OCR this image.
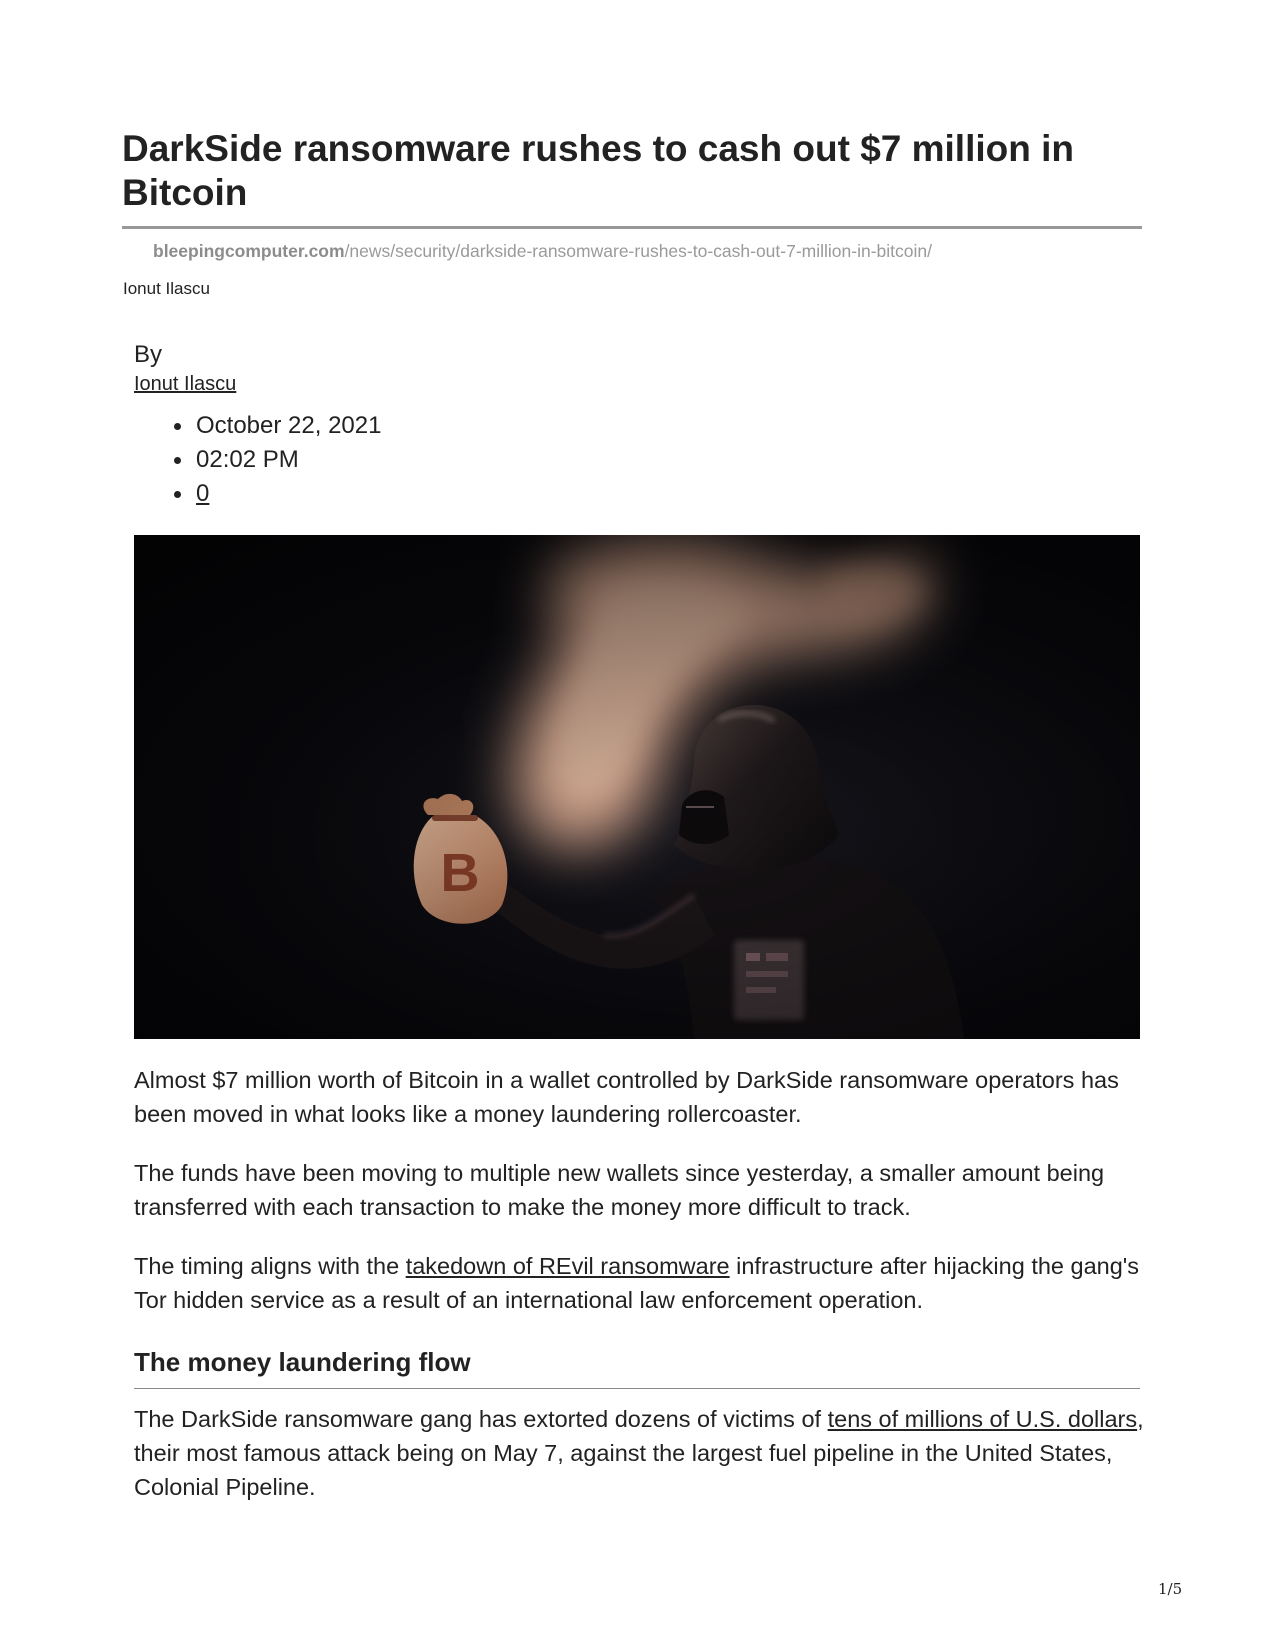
DarkSide ransomware rushes to cash out $7 million in Bitcoin
bleepingcomputer.com/news/security/darkside-ransomware-rushes-to-cash-out-7-million-in-bitcoin/
Ionut Ilascu
By
Ionut Ilascu
October 22, 2021
02:02 PM
0

Almost $7 million worth of Bitcoin in a wallet controlled by DarkSide ransomware operators has been moved in what looks like a money laundering rollercoaster.

The funds have been moving to multiple new wallets since yesterday, a smaller amount being transferred with each transaction to make the money more difficult to track.

The timing aligns with the takedown of REvil ransomware infrastructure after hijacking the gang's Tor hidden service as a result of an international law enforcement operation.

The money laundering flow

The DarkSide ransomware gang has extorted dozens of victims of tens of millions of U.S. dollars, their most famous attack being on May 7, against the largest fuel pipeline in the United States, Colonial Pipeline.

1/5
